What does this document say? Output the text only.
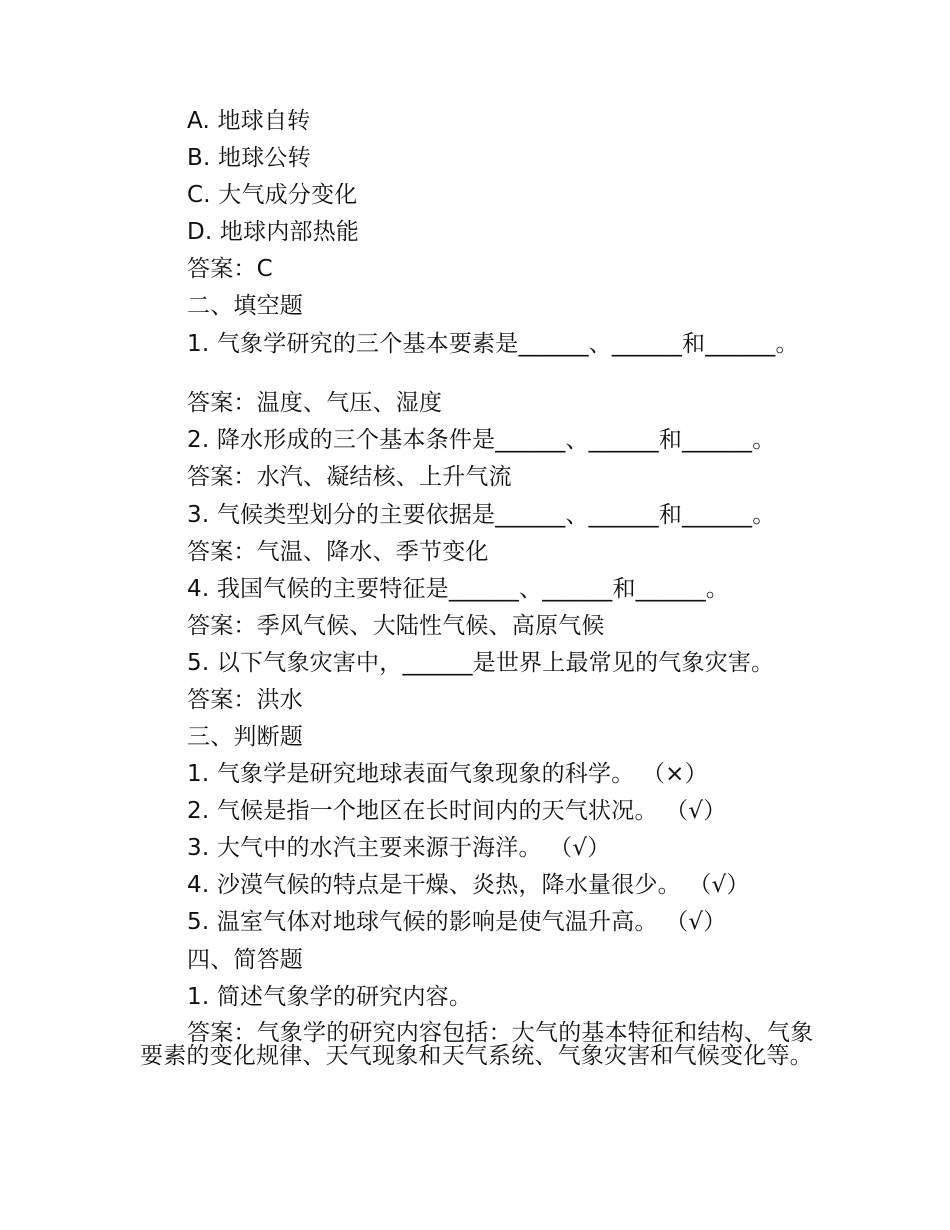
A. 地球自转
B. 地球公转
C. 大气成分变化
D. 地球内部热能
答案：C
二、填空题
1. 气象学研究的三个基本要素是______、______和______。
答案：温度、气压、湿度
2. 降水形成的三个基本条件是______、______和______。
答案：水汽、凝结核、上升气流
3. 气候类型划分的主要依据是______、______和______。
答案：气温、降水、季节变化
4. 我国气候的主要特征是______、______和______。
答案：季风气候、大陆性气候、高原气候
5. 以下气象灾害中，______是世界上最常见的气象灾害。
答案：洪水
三、判断题
1. 气象学是研究地球表面气象现象的科学。 （×）
2. 气候是指一个地区在长时间内的天气状况。 （√）
3. 大气中的水汽主要来源于海洋。 （√）
4. 沙漠气候的特点是干燥、炎热，降水量很少。 （√）
5. 温室气体对地球气候的影响是使气温升高。 （√）
四、简答题
1. 简述气象学的研究内容。
答案：气象学的研究内容包括：大气的基本特征和结构、气象要素的变化规律、天气现象和天气系统、气象灾害和气候变化等。
